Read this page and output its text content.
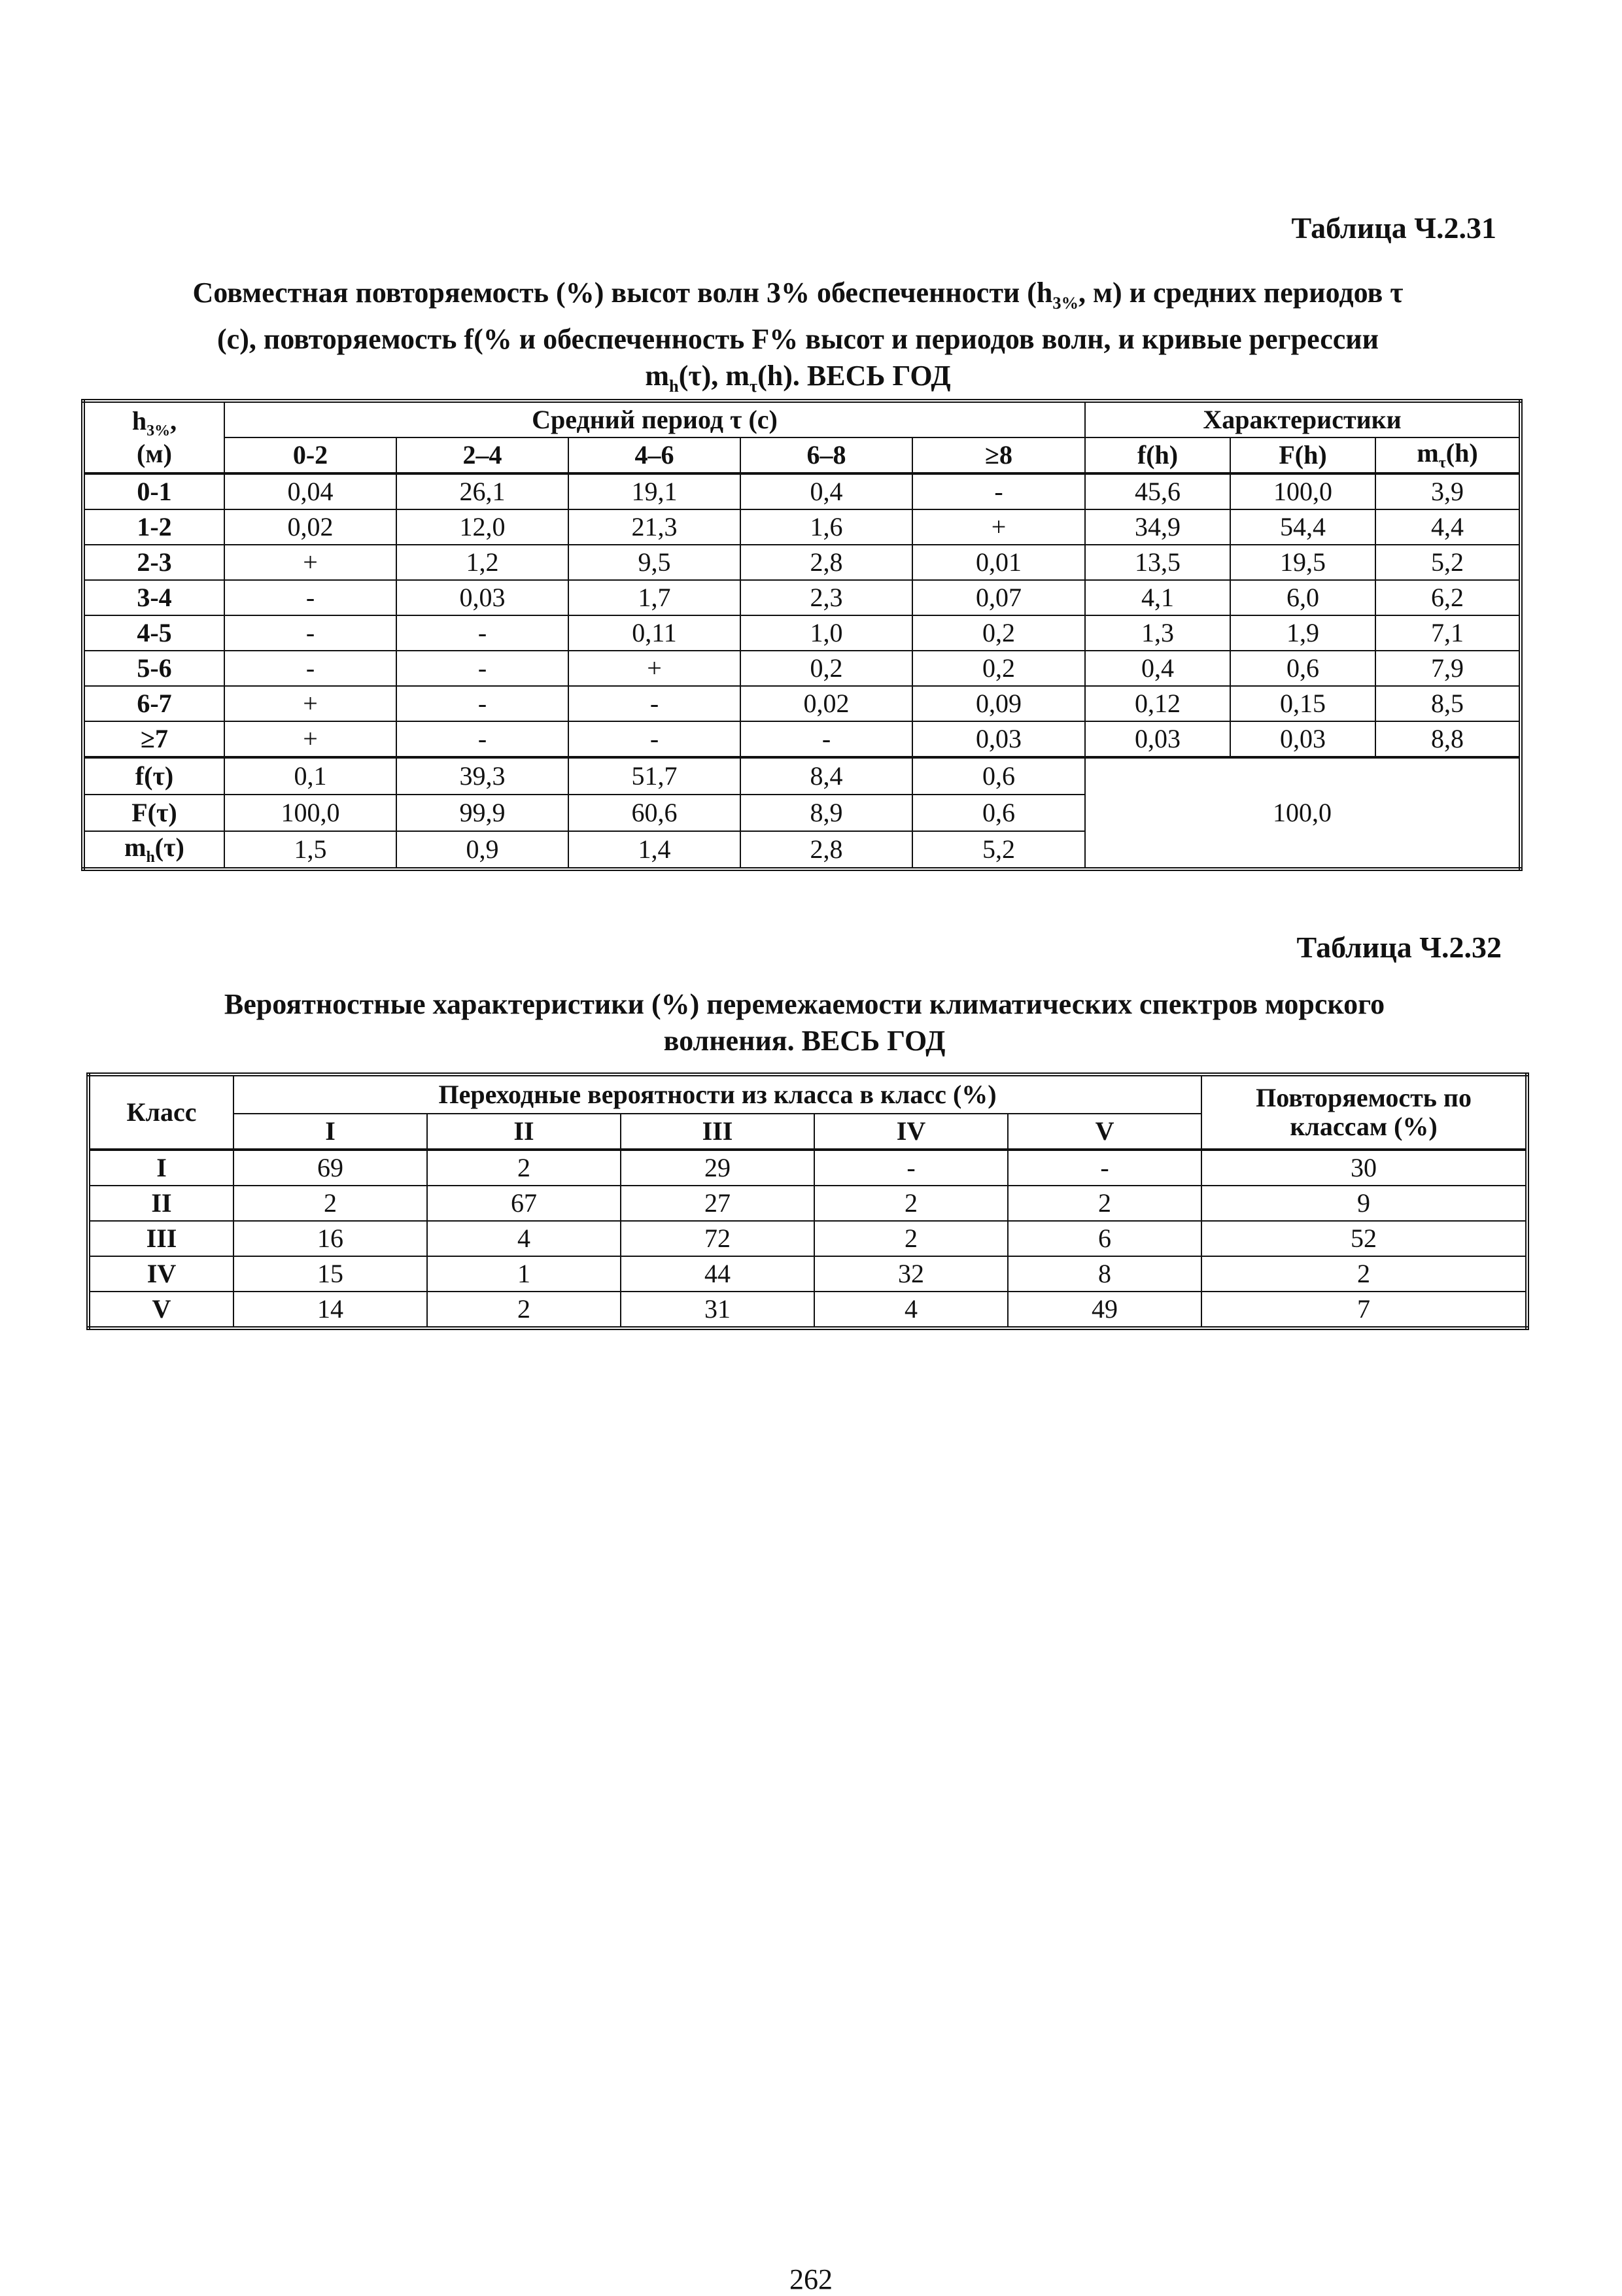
Таблица Ч.2.31
Совместная повторяемость (%) высот волн 3% обеспеченности ($h_{3\%}$, м) и средних периодов τ
(с), повторяемость f(% и обеспеченность F% высот и периодов волн, и кривые регрессии
$m_h(\tau)$, $m_\tau(h)$. ВЕСЬ ГОД
$h_{3\%}$,
(м)	Средний период τ (с)					Характеристики		
	0-2	2–4	4–6	6–8	≥8	f(h)	F(h)	$m_\tau(h)$
0-1	0,04	26,1	19,1	0,4	-	45,6	100,0	3,9
1-2	0,02	12,0	21,3	1,6	+	34,9	54,4	4,4
2-3	+	1,2	9,5	2,8	0,01	13,5	19,5	5,2
3-4	-	0,03	1,7	2,3	0,07	4,1	6,0	6,2
4-5	-	-	0,11	1,0	0,2	1,3	1,9	7,1
5-6	-	-	+	0,2	0,2	0,4	0,6	7,9
6-7	+	-	-	0,02	0,09	0,12	0,15	8,5
≥7	+	-	-	-	0,03	0,03	0,03	8,8
f(τ)	0,1	39,3	51,7	8,4	0,6	100,0		
F(τ)	100,0	99,9	60,6	8,9	0,6			
$m_h(\tau)$	1,5	0,9	1,4	2,8	5,2			
Таблица Ч.2.32
Вероятностные характеристики (%) перемежаемости климатических спектров морского
волнения. ВЕСЬ ГОД
Класс	Переходные вероятности из класса в класс (%)					Повторяемость по
классам (%)

	I	II	III	IV	V	
I	69	2	29	-	-	30
II	2	67	27	2	2	9
III	16	4	72	2	6	52
IV	15	1	44	32	8	2
V	14	2	31	4	49	7
262
